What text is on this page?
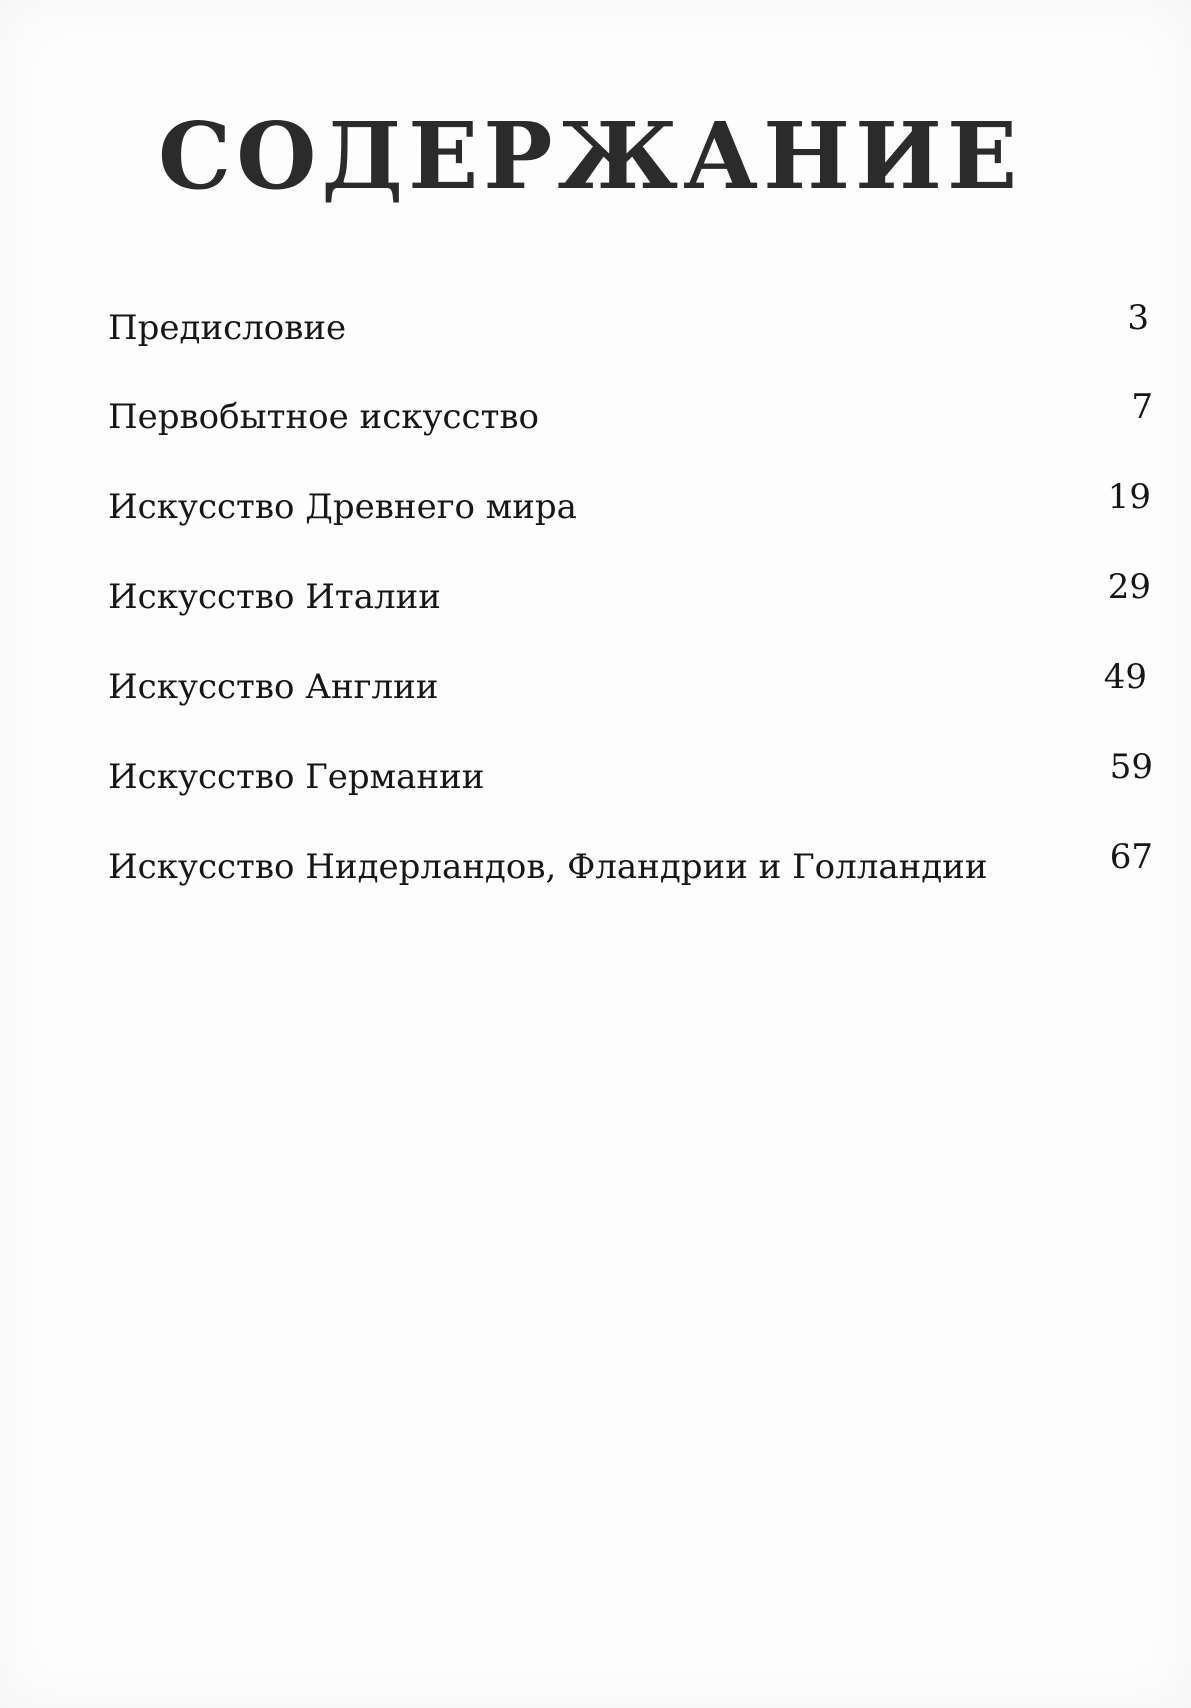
СОДЕРЖАНИЕ
Предисловие	3
Первобытное искусство	7
Искусство Древнего мира	19
Искусство Италии	29
Искусство Англии	49
Искусство Германии	59
Искусство Нидерландов, Фландрии и Голландии	67
